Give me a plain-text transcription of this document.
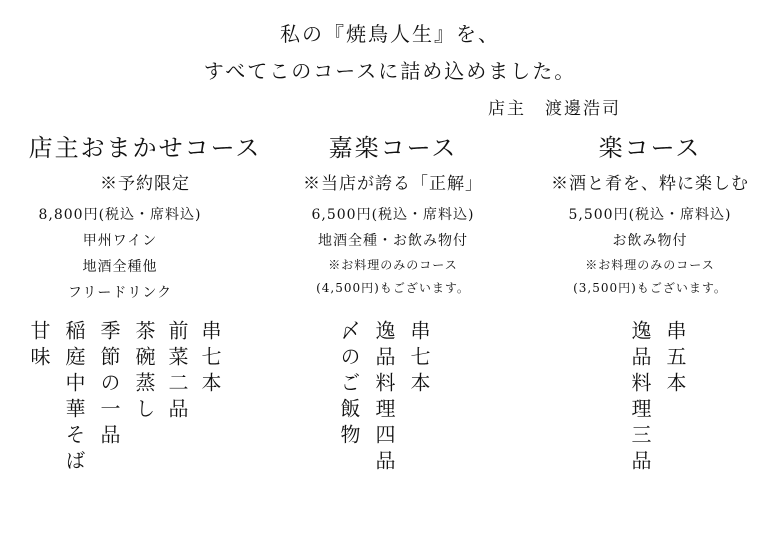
私の『焼鳥人生』を、
すべてこのコースに詰め込めました。
店主　渡邊浩司
店主おまかせコース
※予約限定
8,800円(税込・席料込)
甲州ワイン
地酒全種他
フリードリンク
串七本
前菜二品
茶碗蒸し
季節の一品
稲庭中華そば
甘味
嘉楽コース
※当店が誇る「正解」
6,500円(税込・席料込)
地酒全種・お飲み物付
※お料理のみのコース
(4,500円)もございます。
串七本
逸品料理四品
〆のご飯物
楽コース
※酒と肴を、粋に楽しむ
5,500円(税込・席料込)
お飲み物付
※お料理のみのコース
(3,500円)もございます。
串五本
逸品料理三品
